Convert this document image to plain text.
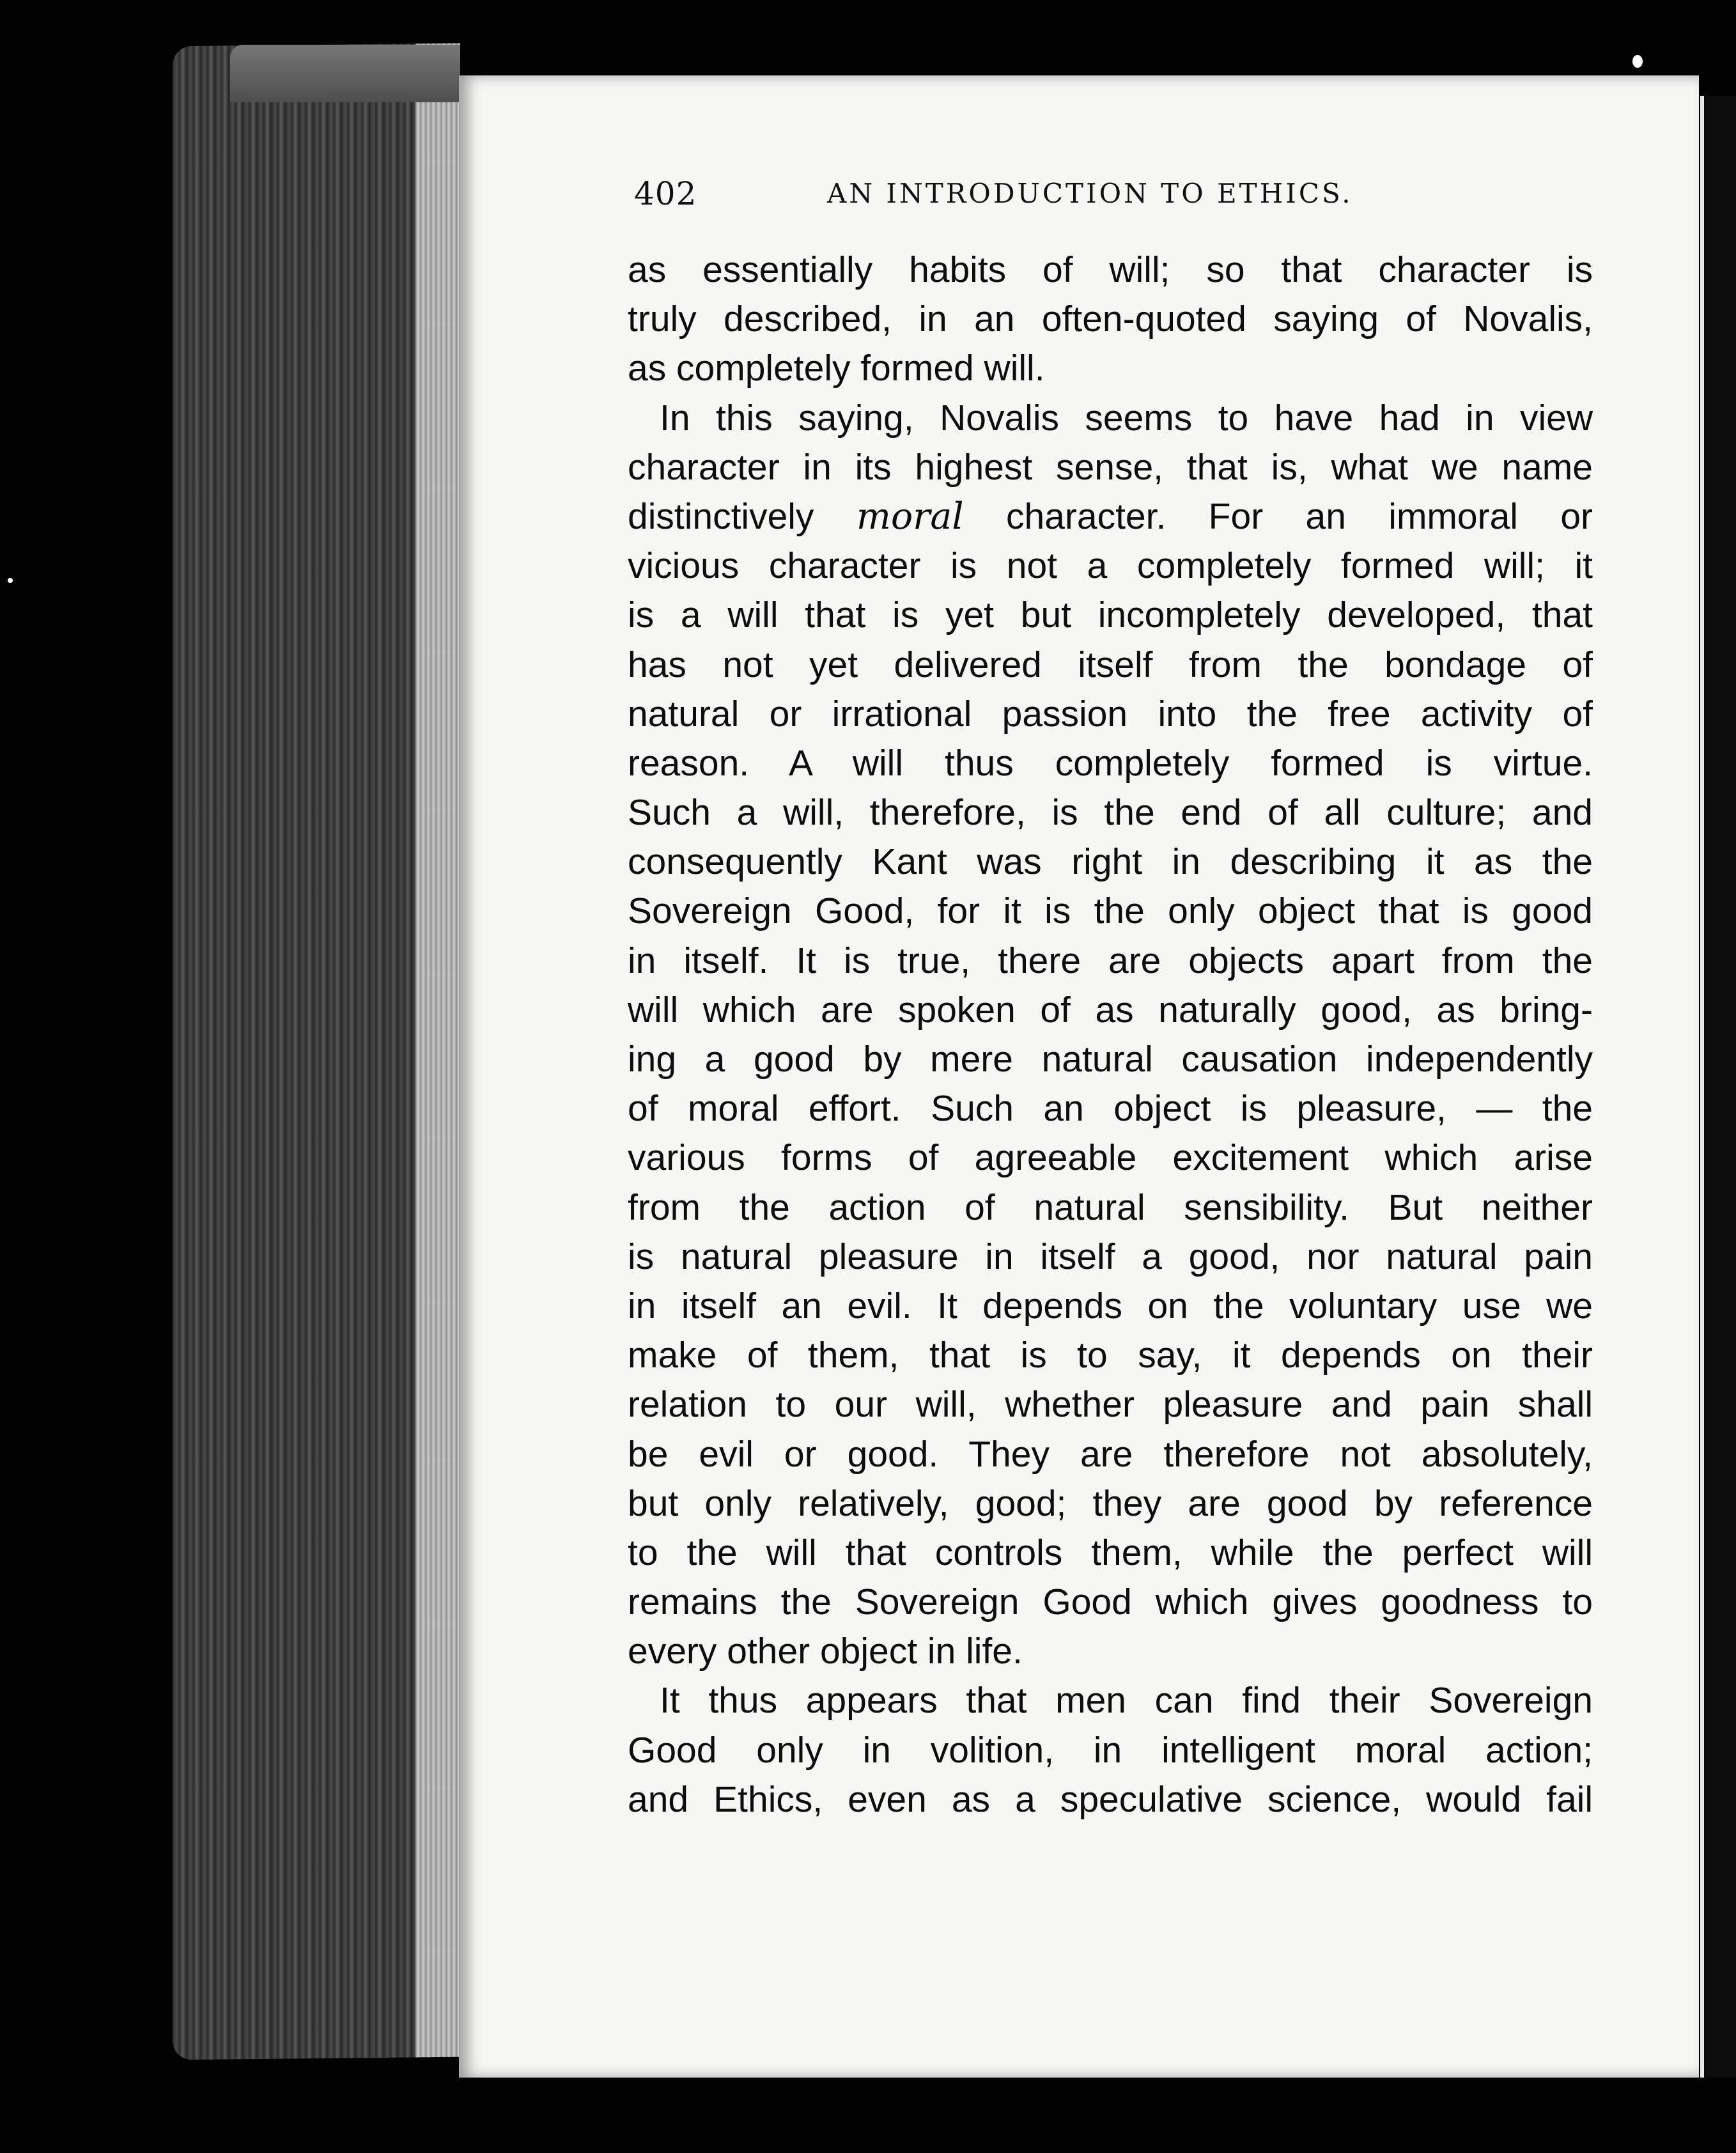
402	AN INTRODUCTION TO ETHICS.
as essentially habits of will; so that character is
truly described, in an often-quoted saying of Novalis,
as completely formed will.
In this saying, Novalis seems to have had in view
character in its highest sense, that is, what we name
distinctively moral character. For an immoral or
vicious character is not a completely formed will; it
is a will that is yet but incompletely developed, that
has not yet delivered itself from the bondage of
natural or irrational passion into the free activity of
reason. A will thus completely formed is virtue.
Such a will, therefore, is the end of all culture; and
consequently Kant was right in describing it as the
Sovereign Good, for it is the only object that is good
in itself. It is true, there are objects apart from the
will which are spoken of as naturally good, as bring-
ing a good by mere natural causation independently
of moral effort. Such an object is pleasure, — the
various forms of agreeable excitement which arise
from the action of natural sensibility. But neither
is natural pleasure in itself a good, nor natural pain
in itself an evil. It depends on the voluntary use we
make of them, that is to say, it depends on their
relation to our will, whether pleasure and pain shall
be evil or good. They are therefore not absolutely,
but only relatively, good; they are good by reference
to the will that controls them, while the perfect will
remains the Sovereign Good which gives goodness to
every other object in life.
It thus appears that men can find their Sovereign
Good only in volition, in intelligent moral action;
and Ethics, even as a speculative science, would fail
